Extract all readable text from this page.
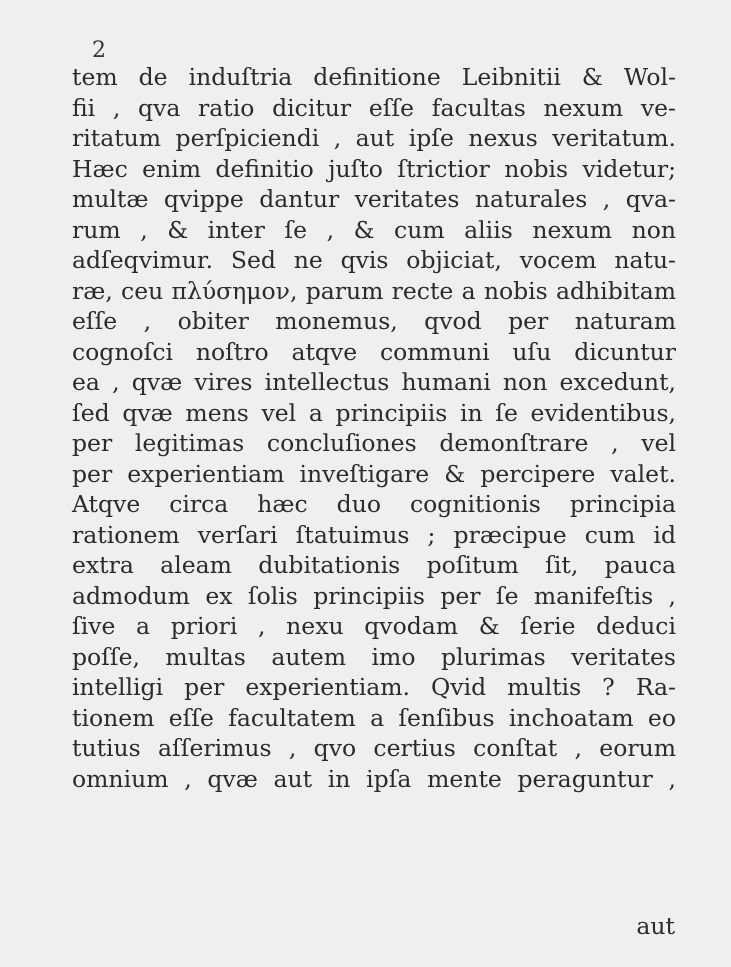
2
tem de induſtria definitione Leibnitii & Wol-
fii , qva ratio dicitur eſſe facultas nexum ve-
ritatum perſpiciendi , aut ipſe nexus veritatum.
Hæc enim definitio juſto ſtrictior nobis videtur;
multæ qvippe dantur veritates naturales , qva-
rum , & inter ſe , & cum aliis nexum non
adſeqvimur. Sed ne qvis objiciat, vocem natu-
ræ, ceu πλύσημον, parum recte a nobis adhibitam
eſſe , obiter monemus, qvod per naturam
cognoſci noſtro atqve communi uſu dicuntur
ea , qvæ vires intellectus humani non excedunt,
ſed qvæ mens vel a principiis in ſe evidentibus,
per legitimas concluſiones demonſtrare , vel
per experientiam inveſtigare & percipere valet.
Atqve circa hæc duo cognitionis principia
rationem verſari ſtatuimus ; præcipue cum id
extra aleam dubitationis poſitum ſit, pauca
admodum ex ſolis principiis per ſe manifeſtis ,
ſive a priori , nexu qvodam & ſerie deduci
poſſe, multas autem imo plurimas veritates
intelligi per experientiam. Qvid multis ? Ra-
tionem eſſe facultatem a ſenſibus inchoatam eo
tutius aſſerimus , qvo certius conſtat , eorum
omnium , qvæ aut in ipſa mente peraguntur ,
aut
